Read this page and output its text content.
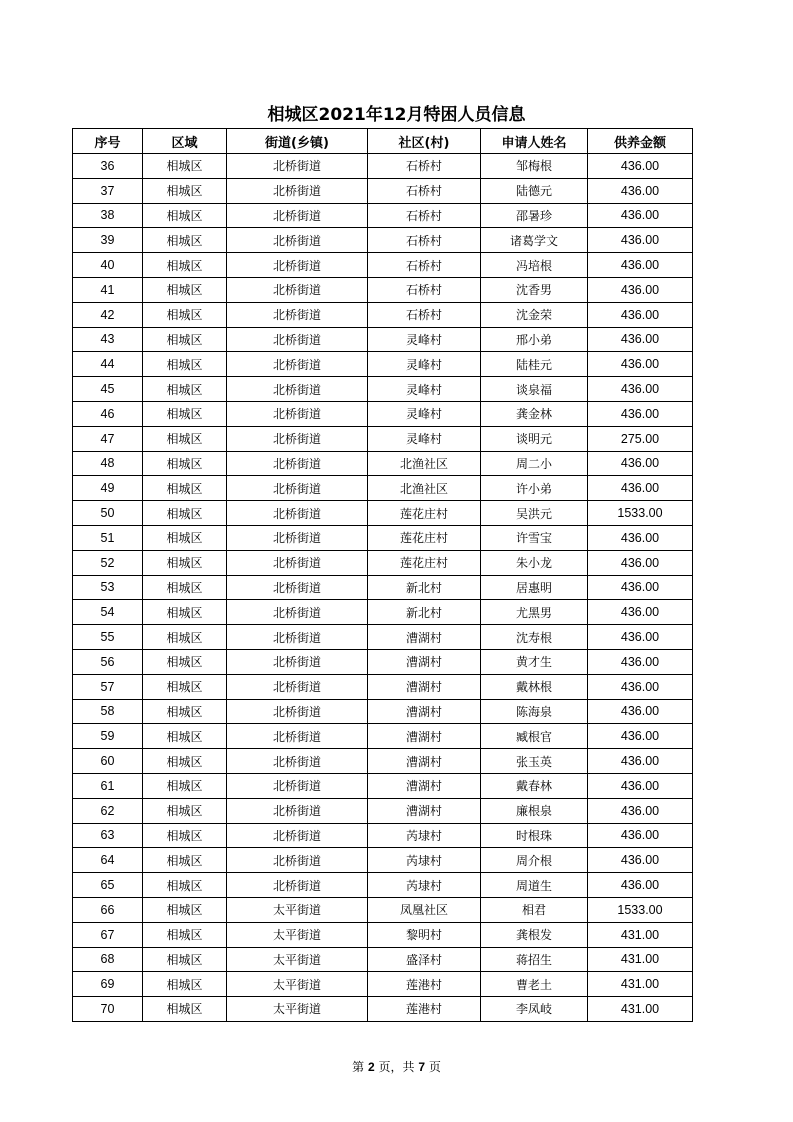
相城区2021年12月特困人员信息
序号	区域	街道(乡镇)	社区(村)	申请人姓名	供养金额
36	相城区	北桥街道	石桥村	邹梅根	436.00
37	相城区	北桥街道	石桥村	陆德元	436.00
38	相城区	北桥街道	石桥村	邵暑珍	436.00
39	相城区	北桥街道	石桥村	诸葛学文	436.00
40	相城区	北桥街道	石桥村	冯培根	436.00
41	相城区	北桥街道	石桥村	沈香男	436.00
42	相城区	北桥街道	石桥村	沈金荣	436.00
43	相城区	北桥街道	灵峰村	邢小弟	436.00
44	相城区	北桥街道	灵峰村	陆桂元	436.00
45	相城区	北桥街道	灵峰村	谈泉福	436.00
46	相城区	北桥街道	灵峰村	龚金林	436.00
47	相城区	北桥街道	灵峰村	谈明元	275.00
48	相城区	北桥街道	北渔社区	周二小	436.00
49	相城区	北桥街道	北渔社区	许小弟	436.00
50	相城区	北桥街道	莲花庄村	吴洪元	1533.00
51	相城区	北桥街道	莲花庄村	许雪宝	436.00
52	相城区	北桥街道	莲花庄村	朱小龙	436.00
53	相城区	北桥街道	新北村	居惠明	436.00
54	相城区	北桥街道	新北村	尤黑男	436.00
55	相城区	北桥街道	漕湖村	沈寿根	436.00
56	相城区	北桥街道	漕湖村	黄才生	436.00
57	相城区	北桥街道	漕湖村	戴林根	436.00
58	相城区	北桥街道	漕湖村	陈海泉	436.00
59	相城区	北桥街道	漕湖村	臧根官	436.00
60	相城区	北桥街道	漕湖村	张玉英	436.00
61	相城区	北桥街道	漕湖村	戴春林	436.00
62	相城区	北桥街道	漕湖村	廉根泉	436.00
63	相城区	北桥街道	芮埭村	时根珠	436.00
64	相城区	北桥街道	芮埭村	周介根	436.00
65	相城区	北桥街道	芮埭村	周道生	436.00
66	相城区	太平街道	凤凰社区	相君	1533.00
67	相城区	太平街道	黎明村	龚根发	431.00
68	相城区	太平街道	盛泽村	蒋招生	431.00
69	相城区	太平街道	莲港村	曹老土	431.00
70	相城区	太平街道	莲港村	李凤岐	431.00
第 2 页，共 7 页
